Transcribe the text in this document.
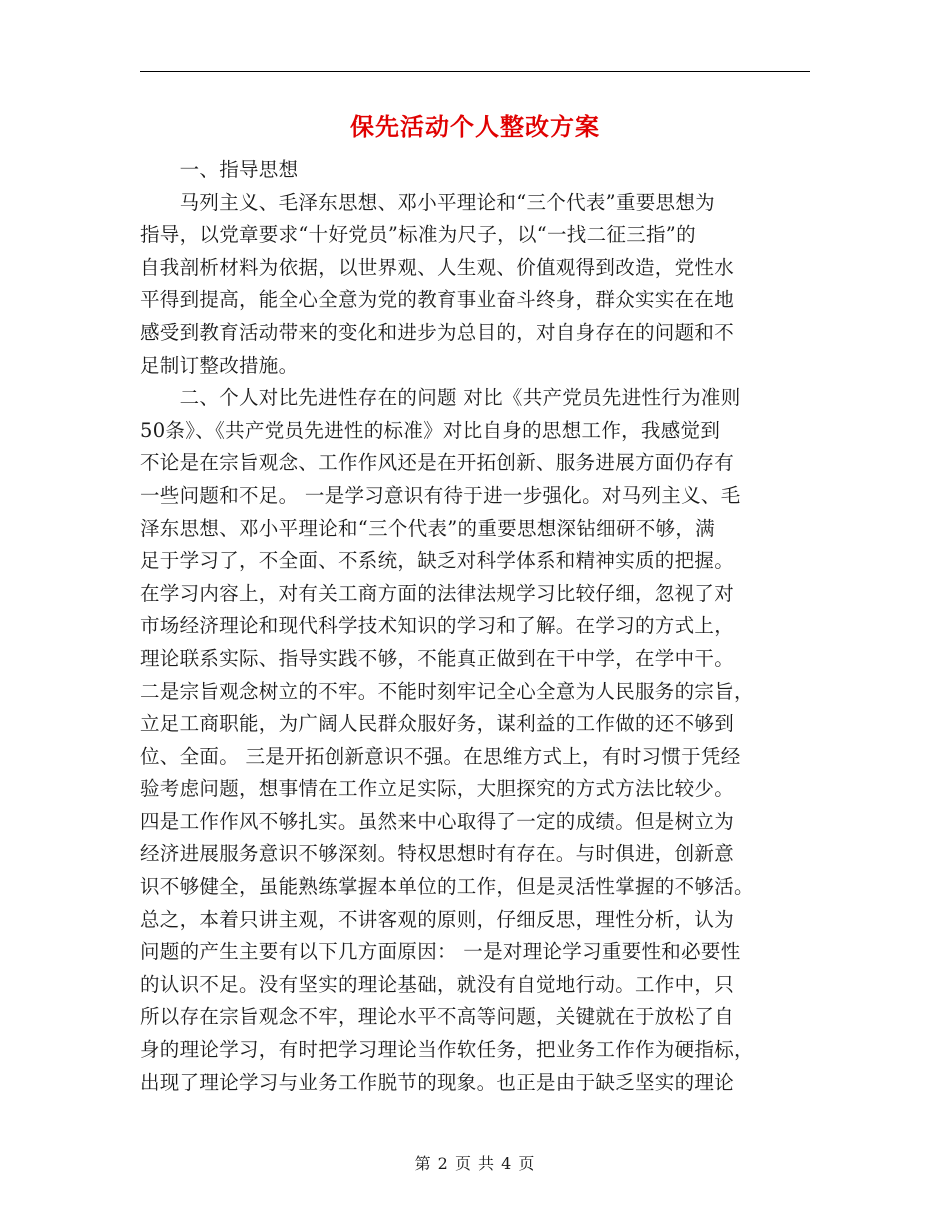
保先活动个人整改方案
　　一、指导思想
　　马列主义、毛泽东思想、邓小平理论和“三个代表”重要思想为
指导，以党章要求“十好党员”标准为尺子，以“一找二征三指”的
自我剖析材料为依据，以世界观、人生观、价值观得到改造，党性水
平得到提高，能全心全意为党的教育事业奋斗终身，群众实实在在地
感受到教育活动带来的变化和进步为总目的，对自身存在的问题和不
足制订整改措施。
　　二、个人对比先进性存在的问题 对比《共产党员先进性行为准则
50条》、《共产党员先进性的标准》对比自身的思想工作，我感觉到
不论是在宗旨观念、工作作风还是在开拓创新、服务进展方面仍存有
一些问题和不足。 一是学习意识有待于进一步强化。对马列主义、毛
泽东思想、邓小平理论和“三个代表”的重要思想深钻细研不够，满
足于学习了，不全面、不系统，缺乏对科学体系和精神实质的把握。
在学习内容上，对有关工商方面的法律法规学习比较仔细，忽视了对
市场经济理论和现代科学技术知识的学习和了解。在学习的方式上，
理论联系实际、指导实践不够，不能真正做到在干中学，在学中干。
二是宗旨观念树立的不牢。不能时刻牢记全心全意为人民服务的宗旨，
立足工商职能，为广阔人民群众服好务，谋利益的工作做的还不够到
位、全面。 三是开拓创新意识不强。在思维方式上，有时习惯于凭经
验考虑问题，想事情在工作立足实际，大胆探究的方式方法比较少。
四是工作作风不够扎实。虽然来中心取得了一定的成绩。但是树立为
经济进展服务意识不够深刻。特权思想时有存在。与时俱进，创新意
识不够健全，虽能熟练掌握本单位的工作，但是灵活性掌握的不够活。
总之，本着只讲主观，不讲客观的原则，仔细反思，理性分析，认为
问题的产生主要有以下几方面原因： 一是对理论学习重要性和必要性
的认识不足。没有坚实的理论基础，就没有自觉地行动。工作中，只
所以存在宗旨观念不牢，理论水平不高等问题，关键就在于放松了自
身的理论学习，有时把学习理论当作软任务，把业务工作作为硬指标，
出现了理论学习与业务工作脱节的现象。也正是由于缺乏坚实的理论
第 2 页 共 4 页
